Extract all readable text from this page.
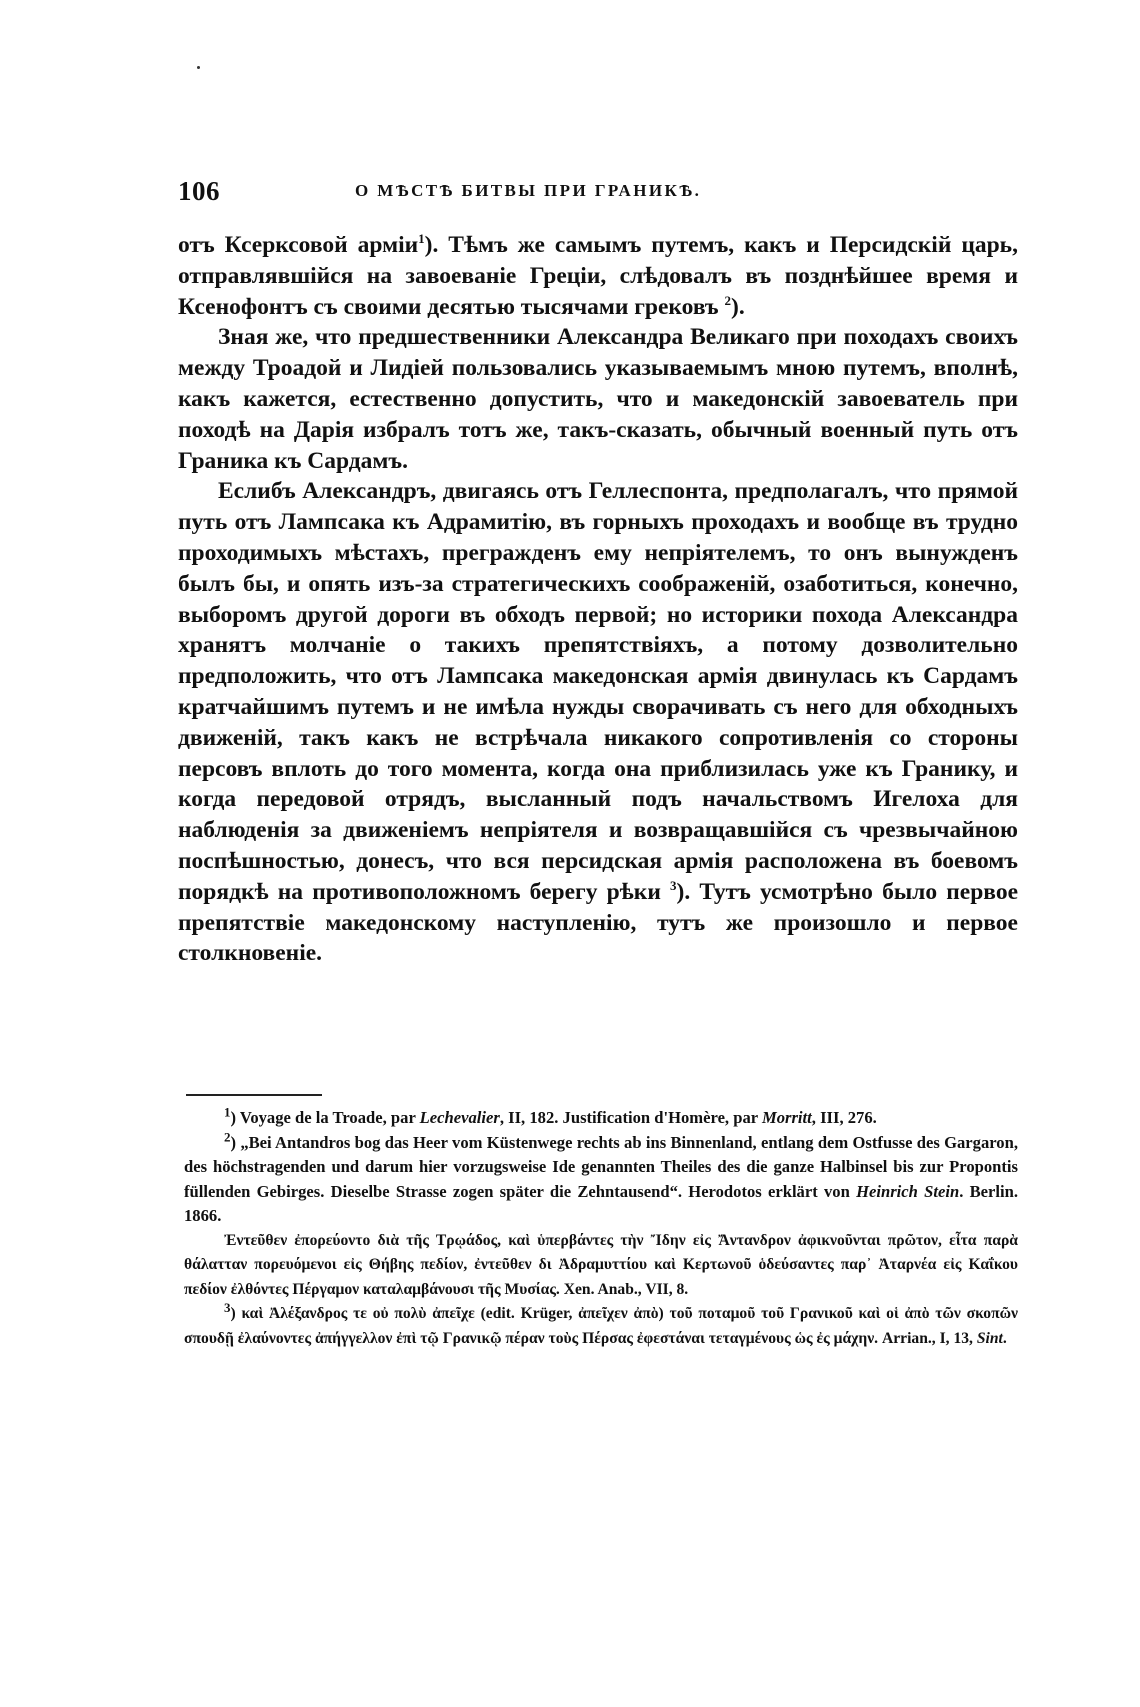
106	О МѢСТѢ БИТВЫ ПРИ ГРАНИКѢ.

отъ Ксерксовой арміи$^1$). Тѣмъ же самымъ путемъ, какъ и Персидскій царь, отправлявшійся на завоеваніе Греціи, слѣдовалъ въ позднѣйшее время и Ксенофонтъ съ своими десятью тысячами грековъ $^2$).

Зная же, что предшественники Александра Великаго при походахъ своихъ между Троадой и Лидіей пользовались указываемымъ мною путемъ, вполнѣ, какъ кажется, естественно допустить, что и македонскій завоеватель при походѣ на Дарія избралъ тотъ же, такъ-сказать, обычный военный путь отъ Граника къ Сардамъ.

Еслибъ Александръ, двигаясь отъ Геллеспонта, предполагалъ, что прямой путь отъ Лампсака къ Адрамитію, въ горныхъ проходахъ и вообще въ трудно проходимыхъ мѣстахъ, прегражденъ ему непріятелемъ, то онъ вынужденъ былъ бы, и опять изъ-за стратегическихъ соображеній, озаботиться, конечно, выборомъ другой дороги въ обходъ первой; но историки похода Александра хранятъ молчаніе о такихъ препятствіяхъ, а потому дозволительно предположить, что отъ Лампсака македонская армія двинулась къ Сардамъ кратчайшимъ путемъ и не имѣла нужды сворачивать съ него для обходныхъ движеній, такъ какъ не встрѣчала никакого сопротивленія со стороны персовъ вплоть до того момента, когда она приблизилась уже къ Гранику, и когда передовой отрядъ, высланный подъ начальствомъ Игелоха для наблюденія за движеніемъ непріятеля и возвращавшійся съ чрезвычайною поспѣшностью, донесъ, что вся персидская армія расположена въ боевомъ порядкѣ на противоположномъ берегу рѣки $^3$). Тутъ усмотрѣно было первое препятствіе македонскому наступленію, тутъ же произошло и первое столкновеніе.

$^1$) Voyage de la Troade, par Lechevalier, II, 182. Justification d'Homère, par Morritt, III, 276.

$^2$) „Bei Antandros bog das Heer vom Küstenwege rechts ab ins Binnenland, entlang dem Ostfusse des Gargaron, des höchstragenden und darum hier vorzugsweise Ide genannten Theiles des die ganze Halbinsel bis zur Propontis füllenden Gebirges. Dieselbe Strasse zogen später die Zehntausend“. Herodotos erklärt von Heinrich Stein. Berlin. 1866.

Ἐντεῦθεν ἐπορεύοντο διὰ τῆς Τρῳάδος, καὶ ὑπερβάντες τὴν Ἴδην εἰς Ἄντανδρον ἀφικνοῦνται πρῶτον, εἶτα παρὰ θάλατταν πορευόμενοι εἰς Θήβης πεδίον, ἐντεῦθεν δι Ἀδραμυττίου καὶ Κερτωνοῦ ὁδεύσαντες παρ᾽ Ἀταρνέα εἰς Καΐκου πεδίον ἐλθόντες Πέργαμον καταλαμβάνουσι τῆς Μυσίας. Xen. Anab., VII, 8.

$^3$) καὶ Ἀλέξανδρος τε οὐ πολὺ ἀπεῖχε (edit. Krüger, ἀπεῖχεν ἀπὸ) τοῦ ποταμοῦ τοῦ Γρανικοῦ καὶ οἱ ἀπὸ τῶν σκοπῶν σπουδῇ ἐλαύνοντες ἀπήγγελλον ἐπὶ τῷ Γρανικῷ πέραν τοὺς Πέρσας ἐφεστάναι τεταγμένους ὡς ἐς μάχην. Arrian., I, 13, Sint.
